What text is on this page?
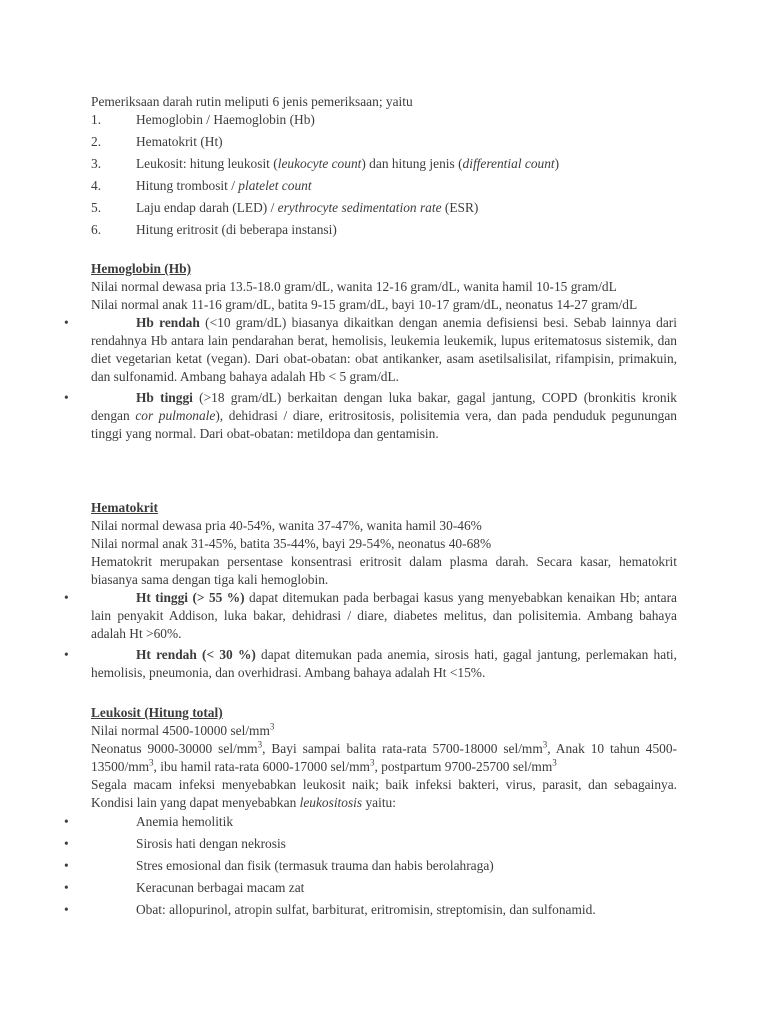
Pemeriksaan darah rutin meliputi 6 jenis pemeriksaan; yaitu
1.	Hemoglobin / Haemoglobin (Hb)
2.	Hematokrit (Ht)
3.	Leukosit: hitung leukosit (leukocyte count) dan hitung jenis (differential count)
4.	Hitung trombosit / platelet count
5.	Laju endap darah (LED) / erythrocyte sedimentation rate (ESR)
6.	Hitung eritrosit (di beberapa instansi)
Hemoglobin (Hb)
Nilai normal dewasa pria 13.5-18.0 gram/dL, wanita 12-16 gram/dL, wanita hamil 10-15 gram/dL
Nilai normal anak 11-16 gram/dL, batita 9-15 gram/dL, bayi 10-17 gram/dL, neonatus 14-27 gram/dL
•	Hb rendah (<10 gram/dL) biasanya dikaitkan dengan anemia defisiensi besi. Sebab lainnya dari rendahnya Hb antara lain pendarahan berat, hemolisis, leukemia leukemik, lupus eritematosus sistemik, dan diet vegetarian ketat (vegan). Dari obat-obatan: obat antikanker, asam asetilsalisilat, rifampisin, primakuin, dan sulfonamid. Ambang bahaya adalah Hb < 5 gram/dL.
•	Hb tinggi (>18 gram/dL) berkaitan dengan luka bakar, gagal jantung, COPD (bronkitis kronik dengan cor pulmonale), dehidrasi / diare, eritrositosis, polisitemia vera, dan pada penduduk pegunungan tinggi yang normal. Dari obat-obatan: metildopa dan gentamisin.
Hematokrit
Nilai normal dewasa pria 40-54%, wanita 37-47%, wanita hamil 30-46%
Nilai normal anak 31-45%, batita 35-44%, bayi 29-54%, neonatus 40-68%
Hematokrit merupakan persentase konsentrasi eritrosit dalam plasma darah. Secara kasar, hematokrit biasanya sama dengan tiga kali hemoglobin.
•	Ht tinggi (> 55 %) dapat ditemukan pada berbagai kasus yang menyebabkan kenaikan Hb; antara lain penyakit Addison, luka bakar, dehidrasi / diare, diabetes melitus, dan polisitemia. Ambang bahaya adalah Ht >60%.
•	Ht rendah (< 30 %) dapat ditemukan pada anemia, sirosis hati, gagal jantung, perlemakan hati, hemolisis, pneumonia, dan overhidrasi. Ambang bahaya adalah Ht <15%.
Leukosit (Hitung total)
Nilai normal 4500-10000 sel/$mm^3$
Neonatus 9000-30000 sel/$mm^3$, Bayi sampai balita rata-rata 5700-18000 sel/$mm^3$, Anak 10 tahun $4500-13500/mm^3$, ibu hamil rata-rata 6000-17000 sel/$mm^3$, postpartum 9700-25700 sel/$mm^3$
Segala macam infeksi menyebabkan leukosit naik; baik infeksi bakteri, virus, parasit, dan sebagainya. Kondisi lain yang dapat menyebabkan leukositosis yaitu:
•	Anemia hemolitik
•	Sirosis hati dengan nekrosis
•	Stres emosional dan fisik (termasuk trauma dan habis berolahraga)
•	Keracunan berbagai macam zat
•	Obat: allopurinol, atropin sulfat, barbiturat, eritromisin, streptomisin, dan sulfonamid.
